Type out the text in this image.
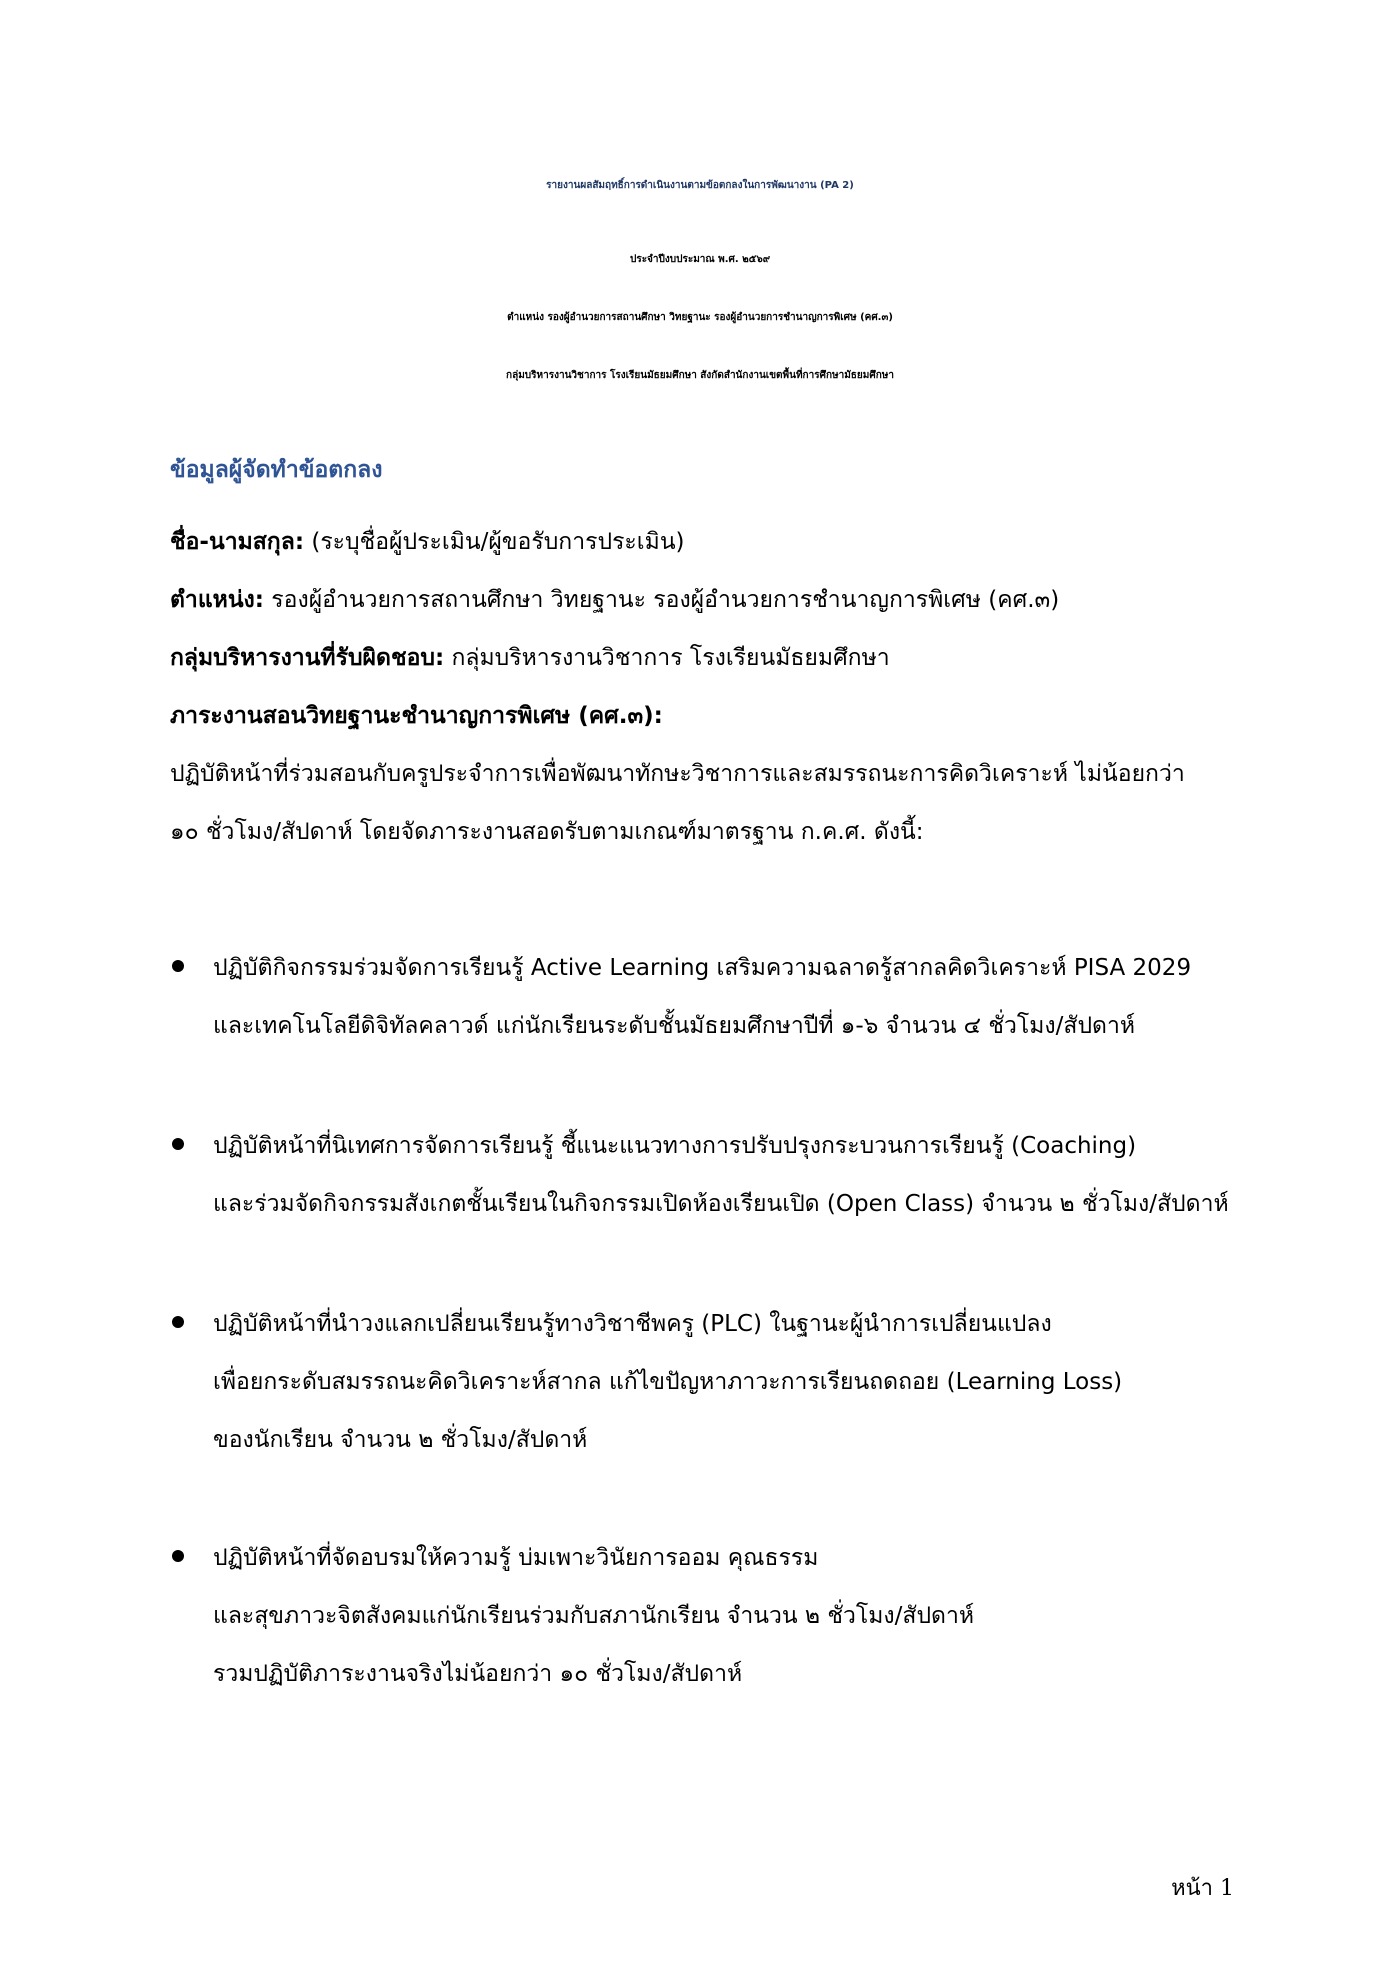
รายงานผลสัมฤทธิ์การดำเนินงานตามข้อตกลงในการพัฒนางาน (PA 2)
ประจำปีงบประมาณ พ.ศ. ๒๕๖๙
ตำแหน่ง รองผู้อำนวยการสถานศึกษา วิทยฐานะ รองผู้อำนวยการชำนาญการพิเศษ (คศ.๓)
กลุ่มบริหารงานวิชาการ โรงเรียนมัธยมศึกษา สังกัดสำนักงานเขตพื้นที่การศึกษามัธยมศึกษา
ข้อมูลผู้จัดทำข้อตกลง
ชื่อ-นามสกุล: (ระบุชื่อผู้ประเมิน/ผู้ขอรับการประเมิน)
ตำแหน่ง: รองผู้อำนวยการสถานศึกษา วิทยฐานะ รองผู้อำนวยการชำนาญการพิเศษ (คศ.๓)
กลุ่มบริหารงานที่รับผิดชอบ: กลุ่มบริหารงานวิชาการ โรงเรียนมัธยมศึกษา
ภาระงานสอนวิทยฐานะชำนาญการพิเศษ (คศ.๓):
ปฏิบัติหน้าที่ร่วมสอนกับครูประจำการเพื่อพัฒนาทักษะวิชาการและสมรรถนะการคิดวิเคราะห์ ไม่น้อยกว่า
๑๐ ชั่วโมง/สัปดาห์ โดยจัดภาระงานสอดรับตามเกณฑ์มาตรฐาน ก.ค.ศ. ดังนี้:
ปฏิบัติกิจกรรมร่วมจัดการเรียนรู้ Active Learning เสริมความฉลาดรู้สากลคิดวิเคราะห์ PISA 2029
และเทคโนโลยีดิจิทัลคลาวด์ แก่นักเรียนระดับชั้นมัธยมศึกษาปีที่ ๑-๖ จำนวน ๔ ชั่วโมง/สัปดาห์
ปฏิบัติหน้าที่นิเทศการจัดการเรียนรู้ ชี้แนะแนวทางการปรับปรุงกระบวนการเรียนรู้ (Coaching)
และร่วมจัดกิจกรรมสังเกตชั้นเรียนในกิจกรรมเปิดห้องเรียนเปิด (Open Class) จำนวน ๒ ชั่วโมง/สัปดาห์
ปฏิบัติหน้าที่นำวงแลกเปลี่ยนเรียนรู้ทางวิชาชีพครู (PLC) ในฐานะผู้นำการเปลี่ยนแปลง
เพื่อยกระดับสมรรถนะคิดวิเคราะห์สากล แก้ไขปัญหาภาวะการเรียนถดถอย (Learning Loss)
ของนักเรียน จำนวน ๒ ชั่วโมง/สัปดาห์
ปฏิบัติหน้าที่จัดอบรมให้ความรู้ บ่มเพาะวินัยการออม คุณธรรม
และสุขภาวะจิตสังคมแก่นักเรียนร่วมกับสภานักเรียน จำนวน ๒ ชั่วโมง/สัปดาห์
รวมปฏิบัติภาระงานจริงไม่น้อยกว่า ๑๐ ชั่วโมง/สัปดาห์
หน้า 1
